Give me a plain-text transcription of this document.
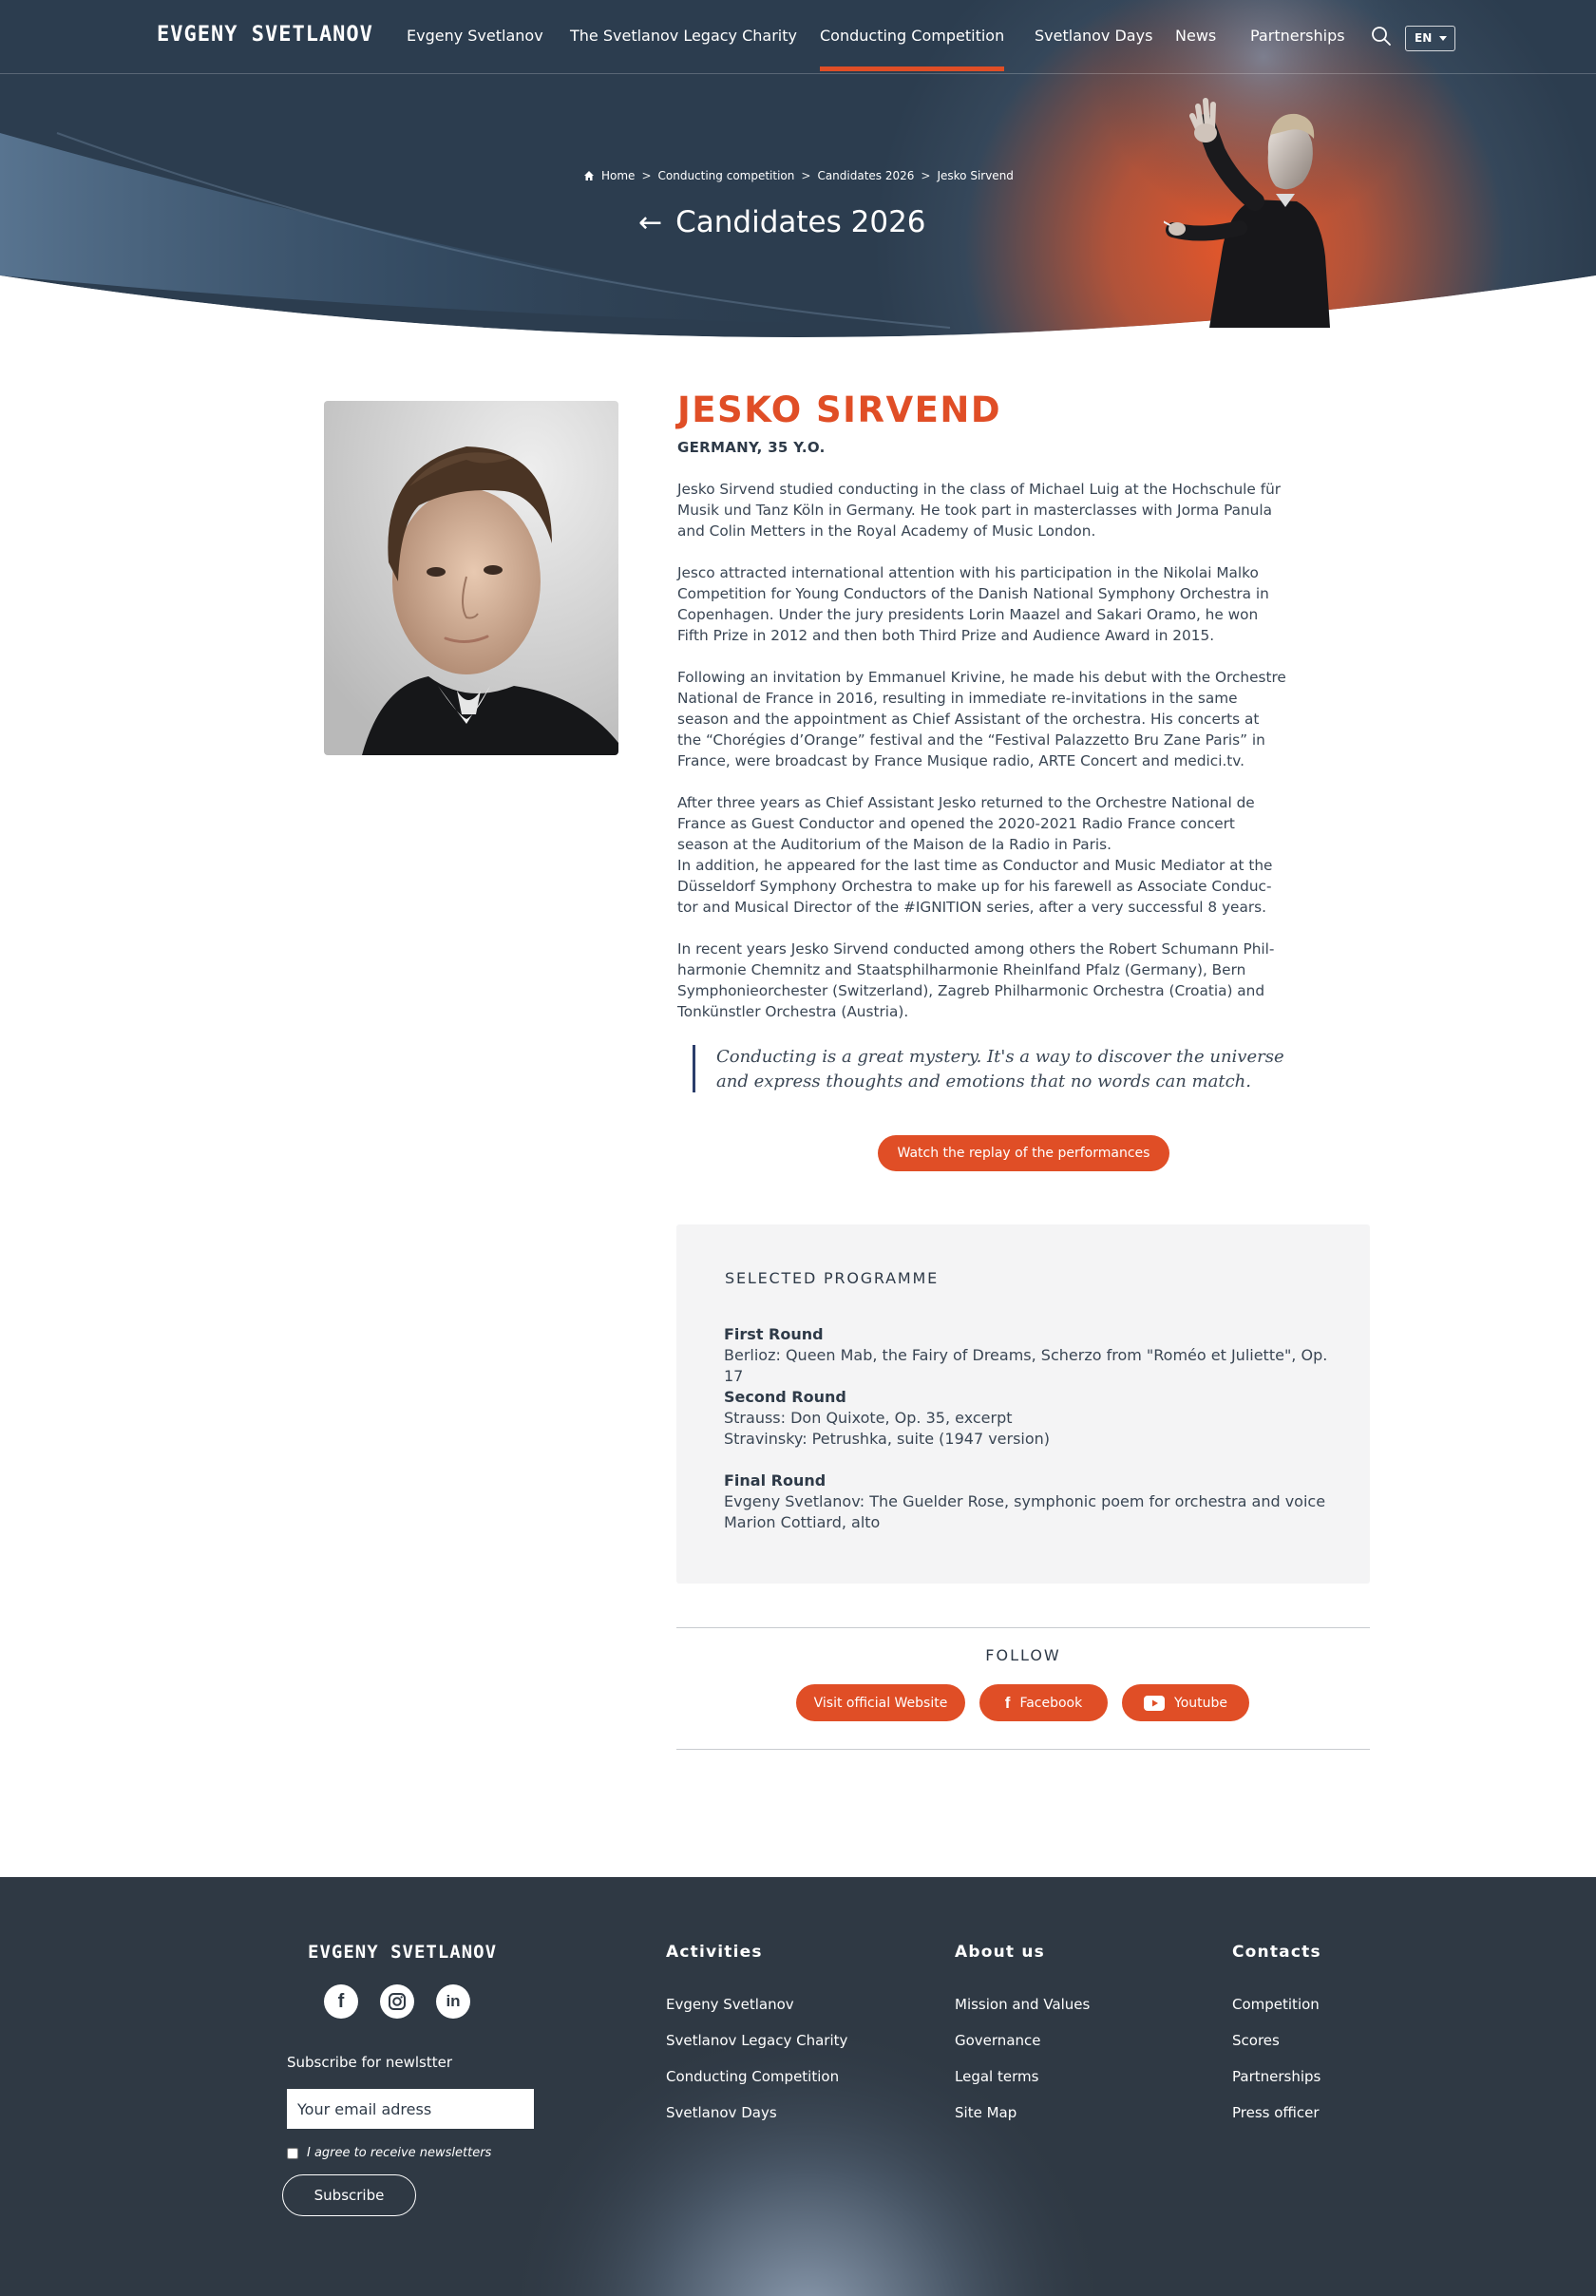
EVGENY SVETLANOV Evgeny Svetlanov The Svetlanov Legacy Charity Conducting Competition Svetlanov Days News Partnerships	EN
Home > Conducting competition > Candidates 2026 > Jesko Sirvend
← Candidates 2026
JESKO SIRVEND
GERMANY, 35 Y.O.

Jesko Sirvend studied conducting in the class of Michael Luig at the Hochschule für
Musik und Tanz Köln in Germany. He took part in masterclasses with Jorma Panula
and Colin Metters in the Royal Academy of Music London.

Jesco attracted international attention with his participation in the Nikolai Malko
Competition for Young Conductors of the Danish National Symphony Orchestra in
Copenhagen. Under the jury presidents Lorin Maazel and Sakari Oramo, he won
Fifth Prize in 2012 and then both Third Prize and Audience Award in 2015.

Following an invitation by Emmanuel Krivine, he made his debut with the Orchestre
National de France in 2016, resulting in immediate re-invitations in the same
season and the appointment as Chief Assistant of the orchestra. His concerts at
the “Chorégies d’Orange” festival and the “Festival Palazzetto Bru Zane Paris” in
France, were broadcast by France Musique radio, ARTE Concert and medici.tv.

After three years as Chief Assistant Jesko returned to the Orchestre National de
France as Guest Conductor and opened the 2020-2021 Radio France concert
season at the Auditorium of the Maison de la Radio in Paris.
In addition, he appeared for the last time as Conductor and Music Mediator at the
Düsseldorf Symphony Orchestra to make up for his farewell as Associate Conduc-
tor and Musical Director of the #IGNITION series, after a very successful 8 years.

In recent years Jesko Sirvend conducted among others the Robert Schumann Phil-
harmonie Chemnitz and Staatsphilharmonie Rheinlfand Pfalz (Germany), Bern
Symphonieorchester (Switzerland), Zagreb Philharmonic Orchestra (Croatia) and
Tonkünstler Orchestra (Austria).

Conducting is a great mystery. It's a way to discover the universe and express thoughts and emotions that no words can match.
Watch the replay of the performances
SELECTED PROGRAMME
First Round
Berlioz: Queen Mab, the Fairy of Dreams, Scherzo from "Roméo et Juliette", Op. 17
Second Round
Strauss: Don Quixote, Op. 35, excerpt
Stravinsky: Petrushka, suite (1947 version)
Final Round
Evgeny Svetlanov: The Guelder Rose, symphonic poem for orchestra and voice
Marion Cottiard, alto
FOLLOW
Visit official Website	f Facebook	Youtube
EVGENY SVETLANOV
f	in
Subscribe for newlstter
Your email adress
I agree to receive newsletters
Subscribe
Activities
Evgeny Svetlanov
Svetlanov Legacy Charity
Conducting Competition
Svetlanov Days
About us
Mission and Values
Governance
Legal terms
Site Map
Contacts
Competition
Scores
Partnerships
Press officer
